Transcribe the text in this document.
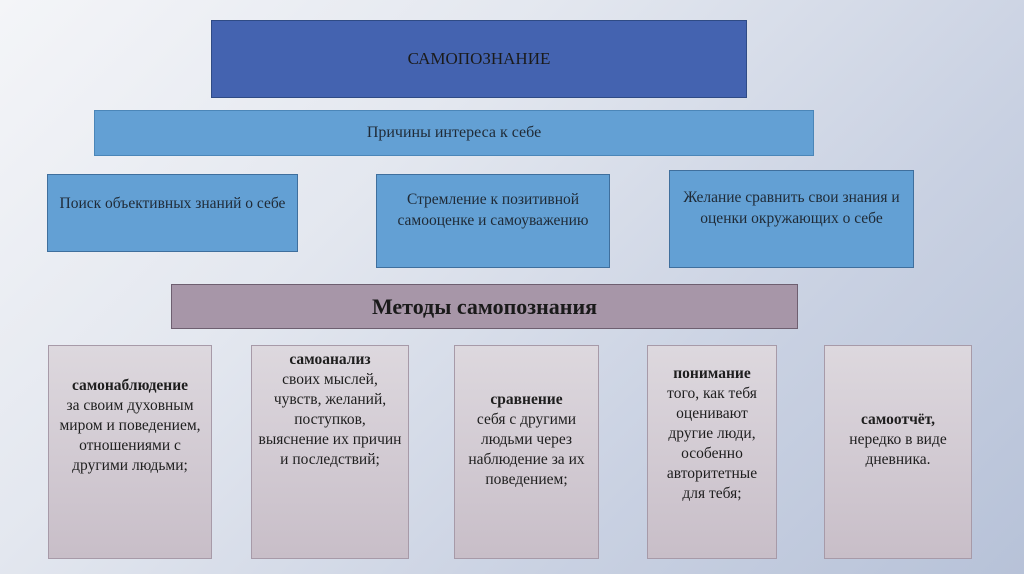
САМОПОЗНАНИЕ
Причины интереса к себе
Поиск объективных знаний о себе	Стремление к позитивной самооценке и самоуважению
Желание сравнить свои знания и оценки окружающих о себе
Методы самопознания
самонаблюдение
за своим духовным миром и поведением, отношениями с другими людьми;
самоанализ
своих мыслей, чувств, желаний, поступков, выяснение их причин и последствий;
сравнение
себя с другими людьми через наблюдение за их поведением;
понимание
того, как тебя оценивают другие люди, особенно авторитетные для тебя;
самоотчёт,
нередко в виде дневника.
